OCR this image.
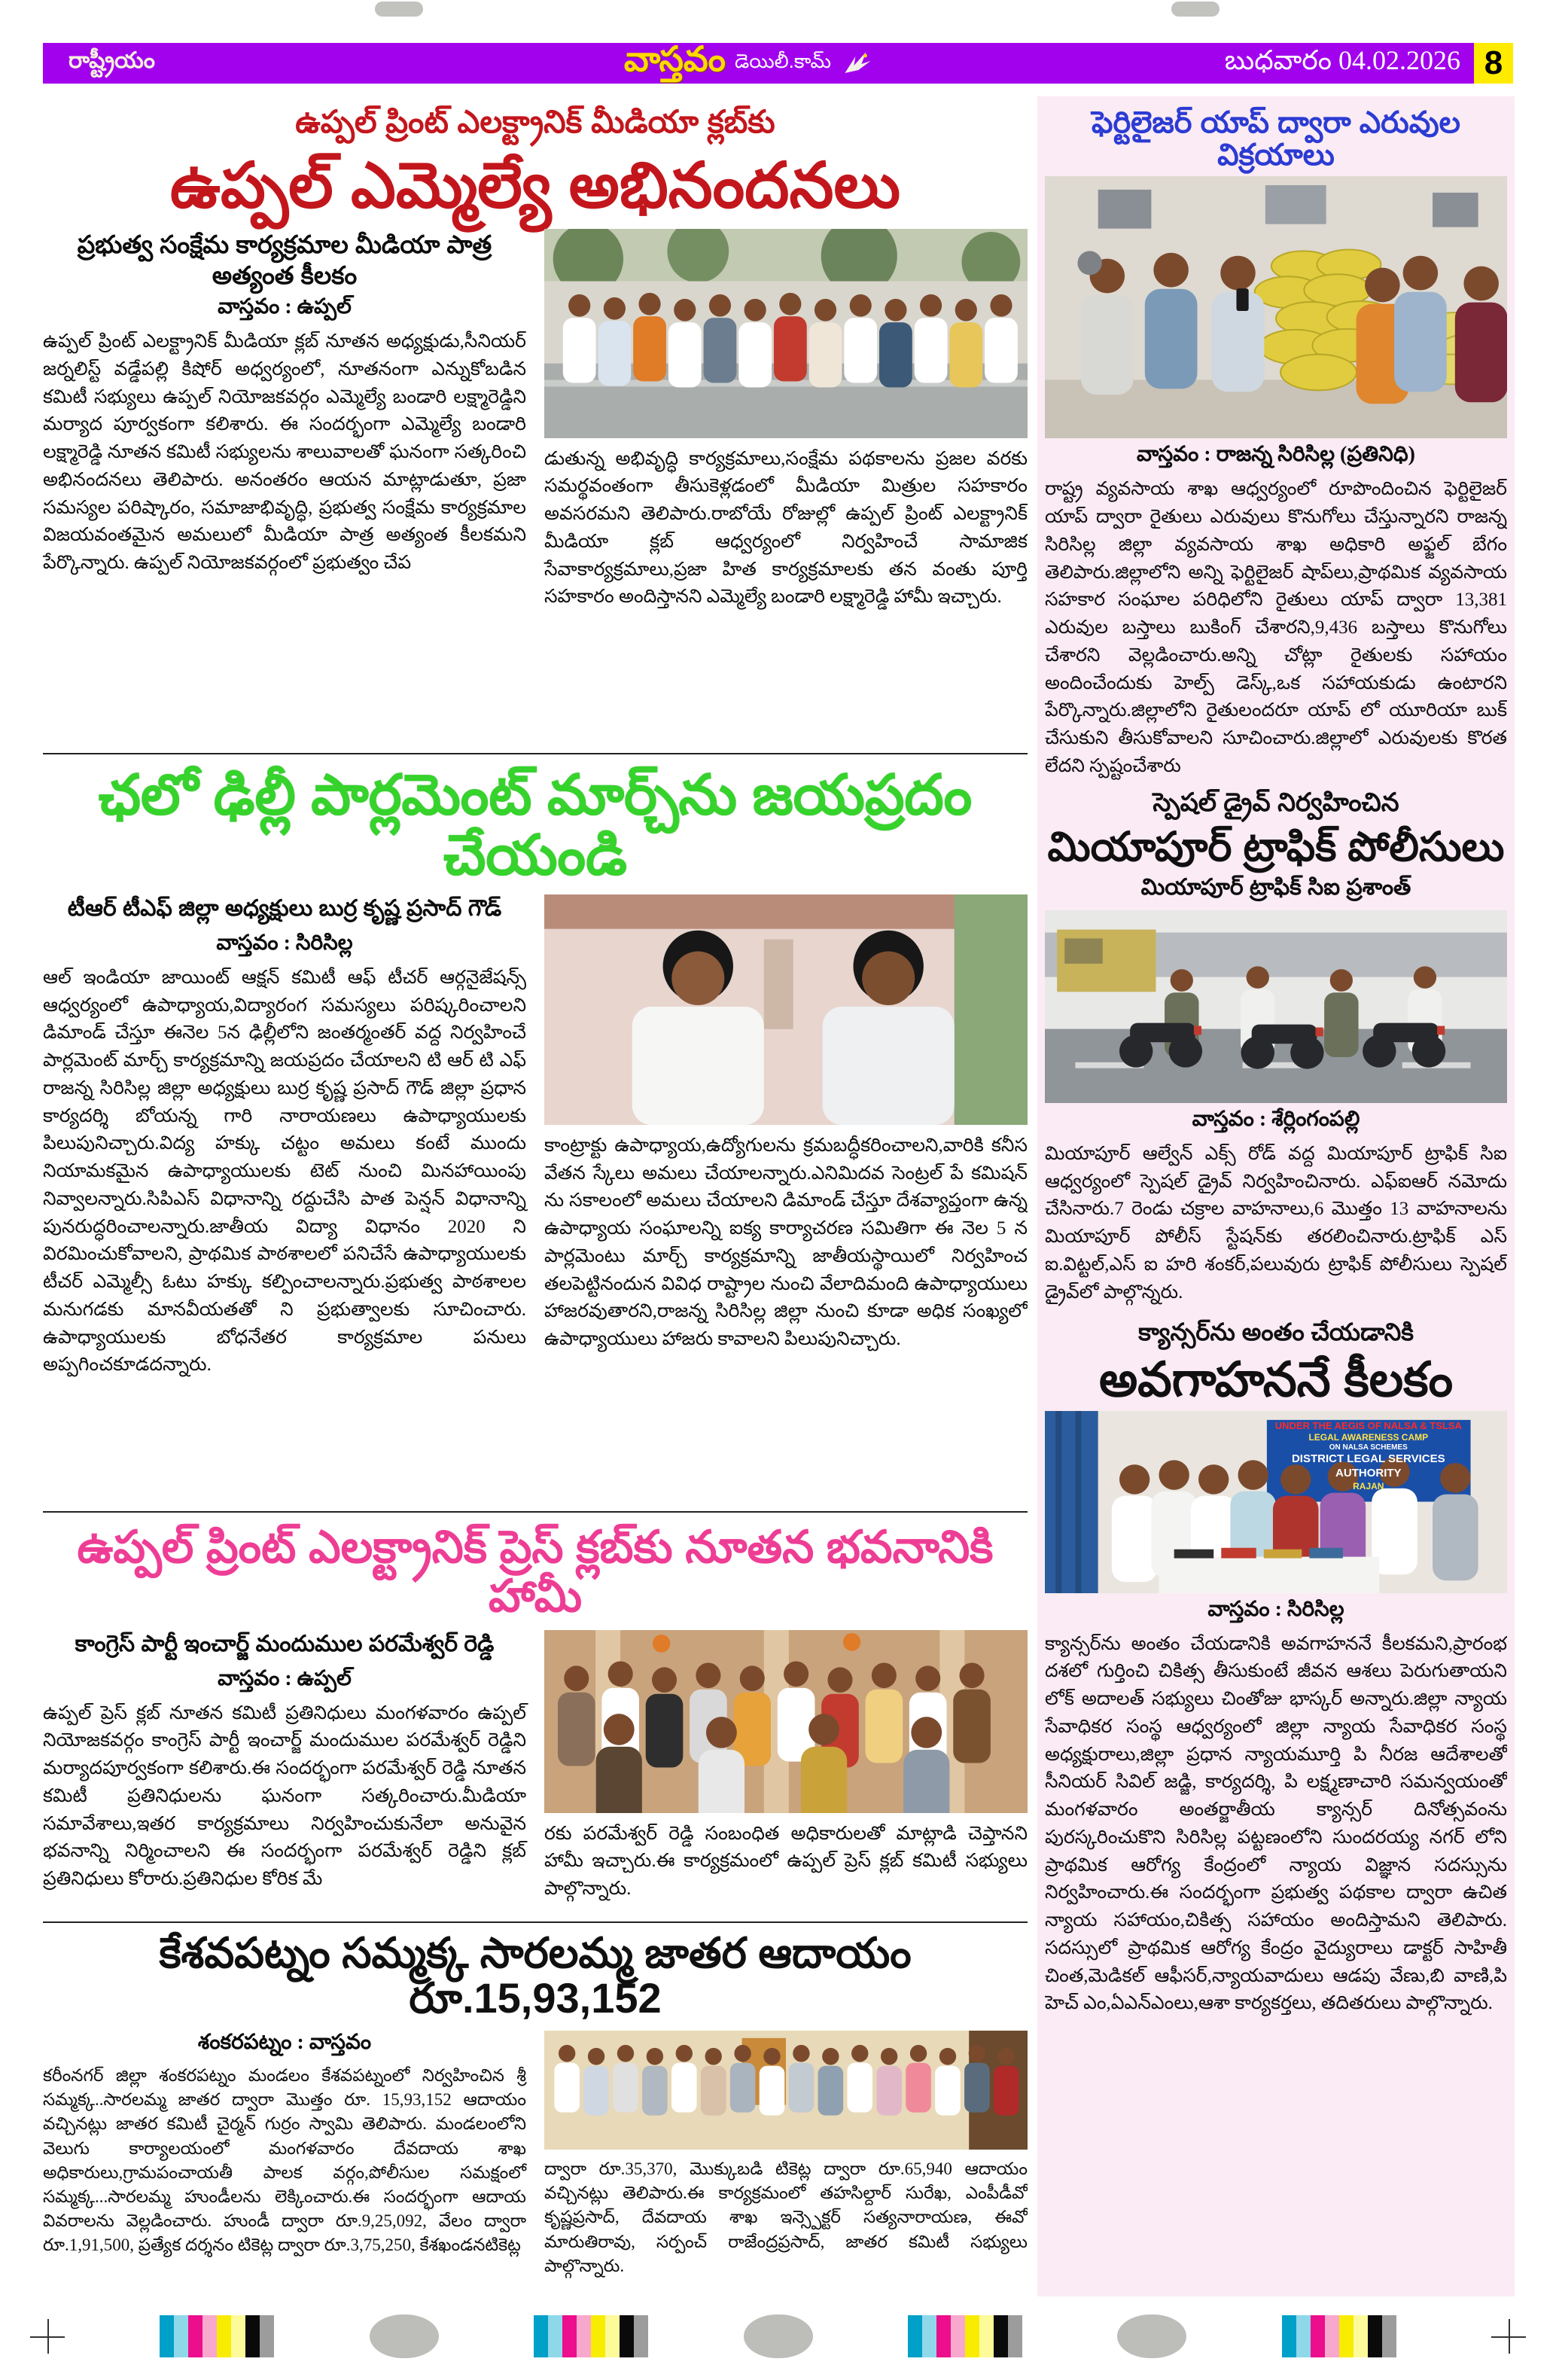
రాష్ట్రీయం	వాస్తవం డెయిలీ.కామ్	బుధవారం 04.02.2026 8
ఉప్పల్ ప్రింట్ ఎలక్ట్రానిక్ మీడియా క్లబ్‌కు
ఉప్పల్ ఎమ్మెల్యే అభినందనలు
ప్రభుత్వ సంక్షేమ కార్యక్రమాల మీడియా పాత్ర అత్యంత కీలకం
వాస్తవం : ఉప్పల్
ఉప్పల్ ప్రింట్ ఎలక్ట్రానిక్ మీడియా క్లబ్ నూతన అధ్యక్షుడు,సీనియర్ జర్నలిస్ట్ వడ్డేపల్లి కిషోర్ అధ్వర్యంలో, నూతనంగా ఎన్నుకోబడిన కమిటీ సభ్యులు ఉప్పల్ నియోజకవర్గం ఎమ్మెల్యే బండారి లక్ష్మారెడ్డిని మర్యాద పూర్వకంగా కలిశారు. ఈ సందర్భంగా ఎమ్మెల్యే బండారి లక్ష్మారెడ్డి నూతన కమిటీ సభ్యులను శాలువాలతో ఘనంగా సత్కరించి అభినందనలు తెలిపారు. అనంతరం ఆయన మాట్లాడుతూ, ప్రజా సమస్యల పరిష్కారం, సమాజాభివృద్ధి, ప్రభుత్వ సంక్షేమ కార్యక్రమాల విజయవంతమైన అమలులో మీడియా పాత్ర అత్యంత కీలకమని పేర్కొన్నారు. ఉప్పల్ నియోజకవర్గంలో ప్రభుత్వం చేప
డుతున్న అభివృద్ధి కార్యక్రమాలు,సంక్షేమ పథకాలను ప్రజల వరకు సమర్థవంతంగా తీసుకెళ్లడంలో మీడియా మిత్రుల సహకారం అవసరమని తెలిపారు.రాబోయే రోజుల్లో ఉప్పల్ ప్రింట్ ఎలక్ట్రానిక్ మీడియా క్లబ్ ఆధ్వర్యంలో నిర్వహించే సామాజిక సేవాకార్యక్రమాలు,ప్రజా హిత కార్యక్రమాలకు తన వంతు పూర్తి సహకారం అందిస్తానని ఎమ్మెల్యే బండారి లక్ష్మారెడ్డి హామీ ఇచ్చారు.
ఛలో ఢిల్లీ పార్లమెంట్ మార్చ్‌ను జయప్రదం చేయండి
టీఆర్ టీఎఫ్ జిల్లా అధ్యక్షులు బుర్ర కృష్ణ ప్రసాద్ గౌడ్
వాస్తవం : సిరిసిల్ల
ఆల్ ఇండియా జాయింట్ ఆక్షన్ కమిటీ ఆఫ్ టీచర్ ఆర్గనైజేషన్స్ ఆధ్వర్యంలో ఉపాధ్యాయ,విద్యారంగ సమస్యలు పరిష్కరించాలని డిమాండ్ చేస్తూ ఈనెల 5న ఢిల్లీలోని జంతర్మంతర్ వద్ద నిర్వహించే పార్లమెంట్ మార్చ్ కార్యక్రమాన్ని జయప్రదం చేయాలని టి ఆర్ టి ఎఫ్ రాజన్న సిరిసిల్ల జిల్లా అధ్యక్షులు బుర్ర కృష్ణ ప్రసాద్ గౌడ్ జిల్లా ప్రధాన కార్యదర్శి బోయన్న గారి నారాయణలు ఉపాధ్యాయులకు పిలుపునిచ్చారు.విద్య హక్కు చట్టం అమలు కంటే ముందు నియామకమైన ఉపాధ్యాయులకు టెట్ నుంచి మినహాయింపు నివ్వాలన్నారు.సిపిఎస్ విధానాన్ని రద్దుచేసి పాత పెన్షన్ విధానాన్ని పునరుద్ధరించాలన్నారు.జాతీయ విద్యా విధానం 2020 ని విరమించుకోవాలని, ప్రాథమిక పాఠశాలలో పనిచేసే ఉపాధ్యాయులకు టీచర్ ఎమ్మెల్సీ ఓటు హక్కు కల్పించాలన్నారు.ప్రభుత్వ పాఠశాలల మనుగడకు మానవీయతతో ని ప్రభుత్వాలకు సూచించారు. ఉపాధ్యాయులకు బోధనేతర కార్యక్రమాల పనులు అప్పగించకూడదన్నారు.
కాంట్రాక్టు ఉపాధ్యాయ,ఉద్యోగులను క్రమబద్ధీకరించాలని,వారికి కనీస వేతన స్కేలు అమలు చేయాలన్నారు.ఎనిమిదవ సెంట్రల్ పే కమిషన్ ను సకాలంలో అమలు చేయాలని డిమాండ్ చేస్తూ దేశవ్యాప్తంగా ఉన్న ఉపాధ్యాయ సంఘాలన్ని ఐక్య కార్యాచరణ సమితిగా ఈ నెల 5 న పార్లమెంటు మార్చ్ కార్యక్రమాన్ని జాతీయస్థాయిలో నిర్వహించ తలపెట్టినందున వివిధ రాష్ట్రాల నుంచి వేలాదిమంది ఉపాధ్యాయులు హాజరవుతారని,రాజన్న సిరిసిల్ల జిల్లా నుంచి కూడా అధిక సంఖ్యలో ఉపాధ్యాయులు హాజరు కావాలని పిలుపునిచ్చారు.
ఉప్పల్ ప్రింట్ ఎలక్ట్రానిక్ ప్రెస్ క్లబ్‌కు నూతన భవనానికి హామీ
కాంగ్రెస్ పార్టీ ఇంచార్జ్ మందుముల పరమేశ్వర్ రెడ్డి
వాస్తవం : ఉప్పల్
ఉప్పల్ ప్రెస్ క్లబ్ నూతన కమిటీ ప్రతినిధులు మంగళవారం ఉప్పల్ నియోజకవర్గం కాంగ్రెస్ పార్టీ ఇంచార్జ్ మందుముల పరమేశ్వర్ రెడ్డిని మర్యాదపూర్వకంగా కలిశారు.ఈ సందర్భంగా పరమేశ్వర్ రెడ్డి నూతన కమిటీ ప్రతినిధులను ఘనంగా సత్కరించారు.మీడియా సమావేశాలు,ఇతర కార్యక్రమాలు నిర్వహించుకునేలా అనువైన భవనాన్ని నిర్మించాలని ఈ సందర్భంగా పరమేశ్వర్ రెడ్డిని క్లబ్ ప్రతినిధులు కోరారు.ప్రతినిధుల కోరిక మే
రకు పరమేశ్వర్ రెడ్డి సంబంధిత అధికారులతో మాట్లాడి చెప్తానని హామీ ఇచ్చారు.ఈ కార్యక్రమంలో ఉప్పల్ ప్రెస్ క్లబ్ కమిటీ సభ్యులు పాల్గొన్నారు.
కేశవపట్నం సమ్మక్క సారలమ్మ జాతర ఆదాయం రూ.15,93,152
శంకరపట్నం : వాస్తవం
కరీంనగర్ జిల్లా శంకరపట్నం మండలం కేశవపట్నంలో నిర్వహించిన శ్రీ సమ్మక్క..సారలమ్మ జాతర ద్వారా మొత్తం రూ. 15,93,152 ఆదాయం వచ్చినట్లు జాతర కమిటీ చైర్మన్ గుర్రం స్వామి తెలిపారు. మండలంలోని వెలుగు కార్యాలయంలో మంగళవారం దేవదాయ శాఖ అధికారులు,గ్రామపంచాయతీ పాలక వర్గం,పోలీసుల సమక్షంలో సమ్మక్క...సారలమ్మ హుండీలను లెక్కించారు.ఈ సందర్భంగా ఆదాయ వివరాలను వెల్లడించారు. హుండీ ద్వారా రూ.9,25,092, వేలం ద్వారా రూ.1,91,500, ప్రత్యేక దర్శనం టికెట్ల ద్వారా రూ.3,75,250, కేశఖండనటికెట్ల
ద్వారా రూ.35,370, మొక్కుబడి టికెట్ల ద్వారా రూ.65,940 ఆదాయం వచ్చినట్లు తెలిపారు.ఈ కార్యక్రమంలో తహసిల్దార్ సురేఖ, ఎంపీడీవో కృష్ణప్రసాద్, దేవదాయ శాఖ ఇన్స్పెక్టర్ సత్యనారాయణ, ఈవో మారుతిరావు, సర్పంచ్ రాజేంద్రప్రసాద్, జాతర కమిటీ సభ్యులు పాల్గొన్నారు.
ఫెర్టిలైజర్ యాప్ ద్వారా ఎరువుల విక్రయాలు
వాస్తవం : రాజన్న సిరిసిల్ల (ప్రతినిధి)
రాష్ట్ర వ్యవసాయ శాఖ ఆధ్వర్యంలో రూపొందించిన ఫెర్టిలైజర్ యాప్ ద్వారా రైతులు ఎరువులు కొనుగోలు చేస్తున్నారని రాజన్న సిరిసిల్ల జిల్లా వ్యవసాయ శాఖ అధికారి అఫ్జల్ బేగం తెలిపారు.జిల్లాలోని అన్ని ఫెర్టిలైజర్ షాప్‌లు,ప్రాథమిక వ్యవసాయ సహకార సంఘాల పరిధిలోని రైతులు యాప్ ద్వారా 13,381 ఎరువుల బస్తాలు బుకింగ్ చేశారని,9,436 బస్తాలు కొనుగోలు చేశారని వెల్లడించారు.అన్ని చోట్లా రైతులకు సహాయం అందించేందుకు హెల్ప్ డెస్క్,ఒక సహాయకుడు ఉంటారని పేర్కొన్నారు.జిల్లాలోని రైతులందరూ యాప్ లో యూరియా బుక్ చేసుకుని తీసుకోవాలని సూచించారు.జిల్లాలో ఎరువులకు కొరత లేదని స్పష్టంచేశారు
స్పెషల్ డ్రైవ్ నిర్వహించిన
మియాపూర్ ట్రాఫిక్ పోలీసులు
మియాపూర్ ట్రాఫిక్ సిఐ ప్రశాంత్
వాస్తవం : శేర్లింగంపల్లి
మియాపూర్ ఆల్వేన్ ఎక్స్ రోడ్ వద్ద మియాపూర్ ట్రాఫిక్ సిఐ ఆధ్వర్యంలో స్పెషల్ డ్రైవ్ నిర్వహించినారు. ఎఫ్ఐఆర్ నమోదు చేసినారు.7 రెండు చక్రాల వాహనాలు,6 మొత్తం 13 వాహనాలను మియాపూర్ పోలీస్ స్టేషన్‌కు తరలించినారు.ట్రాఫిక్ ఎస్ ఐ.విట్టల్,ఎస్ ఐ హరి శంకర్,పలువురు ట్రాఫిక్ పోలీసులు స్పెషల్ డ్రైవ్‌లో పాల్గొన్నరు.
క్యాన్సర్‌ను అంతం చేయడానికి
అవగాహననే కీలకం
UNDER THE AEGIS OF NALSA & TSLSA
LEGAL AWARENESS CAMP
ON NALSA SCHEMES
DISTRICT LEGAL SERVICES
AUTHORITY
RAJAN
వాస్తవం : సిరిసిల్ల
క్యాన్సర్‌ను అంతం చేయడానికి అవగాహననే కీలకమని,ప్రారంభ దశలో గుర్తించి చికిత్స తీసుకుంటే జీవన ఆశలు పెరుగుతాయని లోక్ అదాలత్ సభ్యులు చింతోజు భాస్కర్ అన్నారు.జిల్లా న్యాయ సేవాధికర సంస్థ ఆధ్వర్యంలో జిల్లా న్యాయ సేవాధికర సంస్థ అధ్యక్షురాలు,జిల్లా ప్రధాన న్యాయమూర్తి పి నీరజ ఆదేశాలతో సీనియర్ సివిల్ జడ్జి, కార్యదర్శి, పి లక్ష్మణాచారి సమన్వయంతో మంగళవారం అంతర్జాతీయ క్యాన్సర్ దినోత్సవంను పురస్కరించుకొని సిరిసిల్ల పట్టణంలోని సుందరయ్య నగర్ లోని ప్రాథమిక ఆరోగ్య కేంద్రంలో న్యాయ విజ్ఞాన సదస్సును నిర్వహించారు.ఈ సందర్భంగా ప్రభుత్వ పథకాల ద్వారా ఉచిత న్యాయ సహాయం,చికిత్స సహాయం అందిస్తామని తెలిపారు. సదస్సులో ప్రాథమిక ఆరోగ్య కేంద్రం వైద్యురాలు డాక్టర్ సాహితీ చింత,మెడికల్ ఆఫీసర్,న్యాయవాదులు ఆడపు వేణు,బి వాణి,పి హెచ్ ఎం,ఏఎన్ఎంలు,ఆశా కార్యకర్తలు, తదితరులు పాల్గొన్నారు.
